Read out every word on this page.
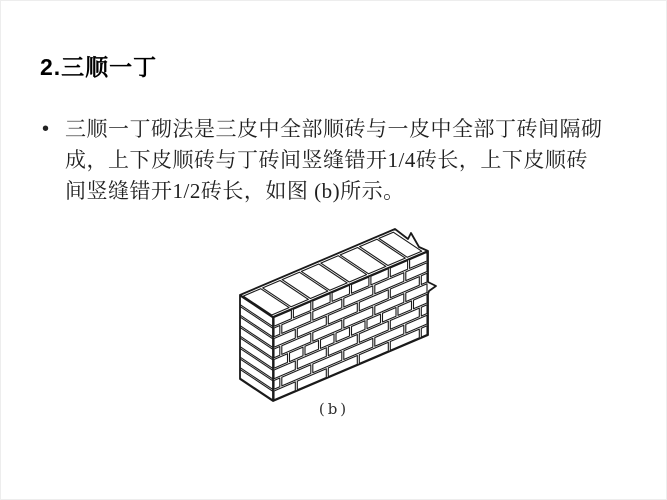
2.三顺一丁
• 三顺一丁砌法是三皮中全部顺砖与一皮中全部丁砖间隔砌
成，上下皮顺砖与丁砖间竖缝错开1/4砖长，上下皮顺砖
间竖缝错开1/2砖长，如图 (b)所示。
(b)
